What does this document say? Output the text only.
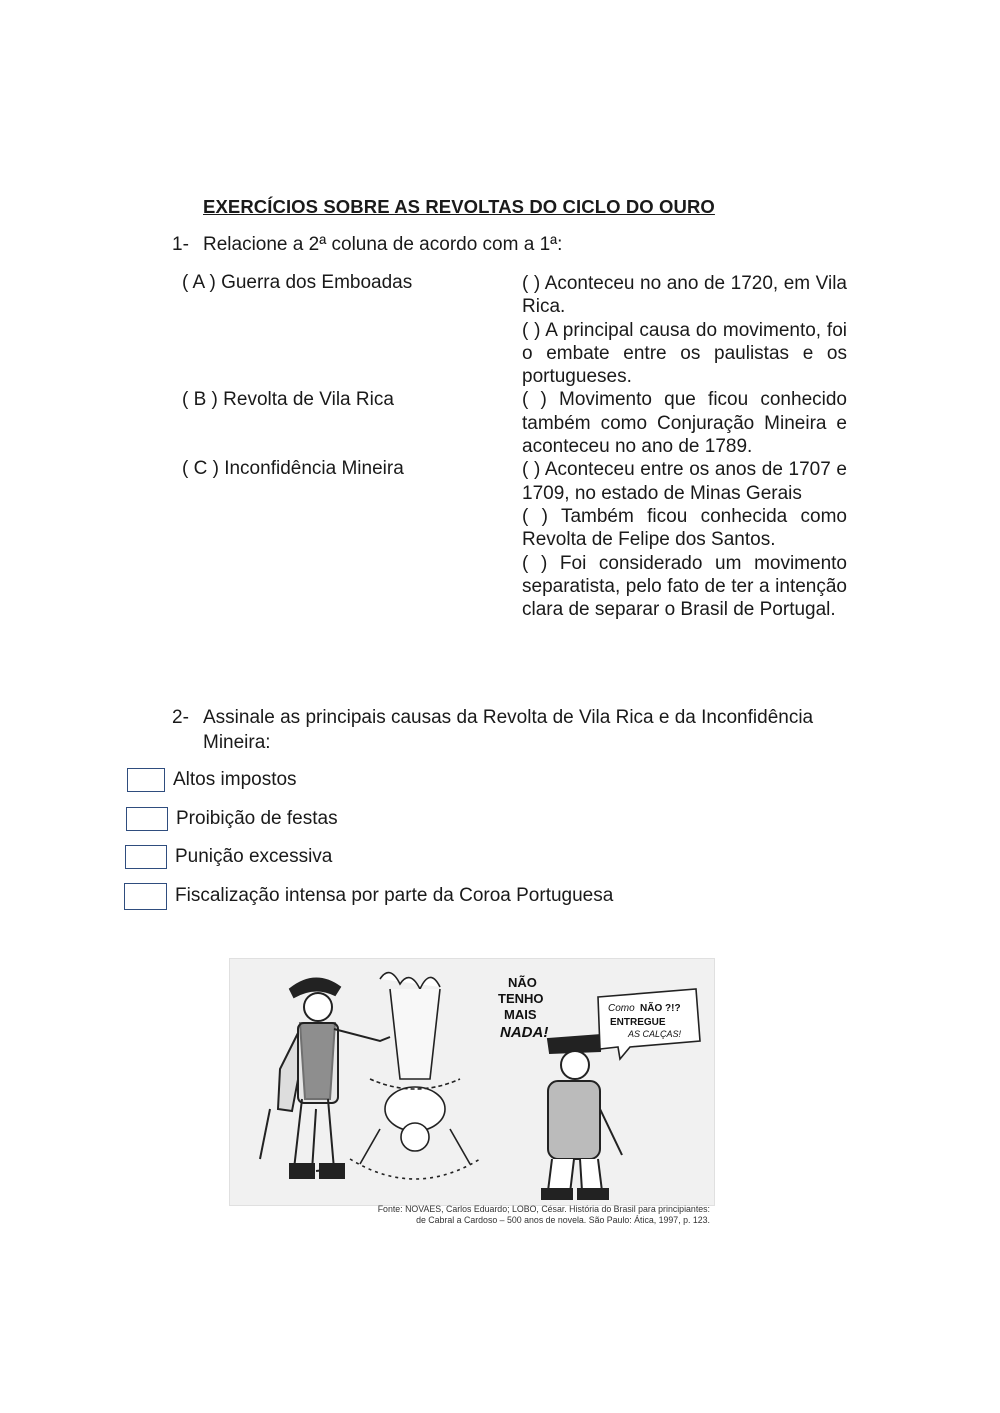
EXERCÍCIOS SOBRE AS REVOLTAS DO CICLO DO OURO
1- Relacione a 2ª coluna de acordo com a 1ª:
( A ) Guerra dos Emboadas
( B ) Revolta de Vila Rica
( C ) Inconfidência Mineira

( ) Aconteceu no ano de 1720, em Vila Rica.

( ) A principal causa do movimento, foi o embate entre os paulistas e os portugueses.

( ) Movimento que ficou conhecido também como Conjuração Mineira e aconteceu no ano de 1789.

( ) Aconteceu entre os anos de 1707 e 1709, no estado de Minas Gerais

( ) Também ficou conhecida como Revolta de Felipe dos Santos.

( ) Foi considerado um movimento separatista, pelo fato de ter a intenção clara de separar o Brasil de Portugal.

2- Assinale as principais causas da Revolta de Vila Rica e da Inconfidência Mineira:
Altos impostos
Proibição de festas
Punição excessiva
Fiscalização intensa por parte da Coroa Portuguesa
NÃO
TENHO
MAIS
NADA!
Como NÃO ?!?
ENTREGUE
AS CALÇAS!
Fonte: NOVAES, Carlos Eduardo; LOBO, César. História do Brasil para principiantes:
de Cabral a Cardoso – 500 anos de novela. São Paulo: Ática, 1997, p. 123.
